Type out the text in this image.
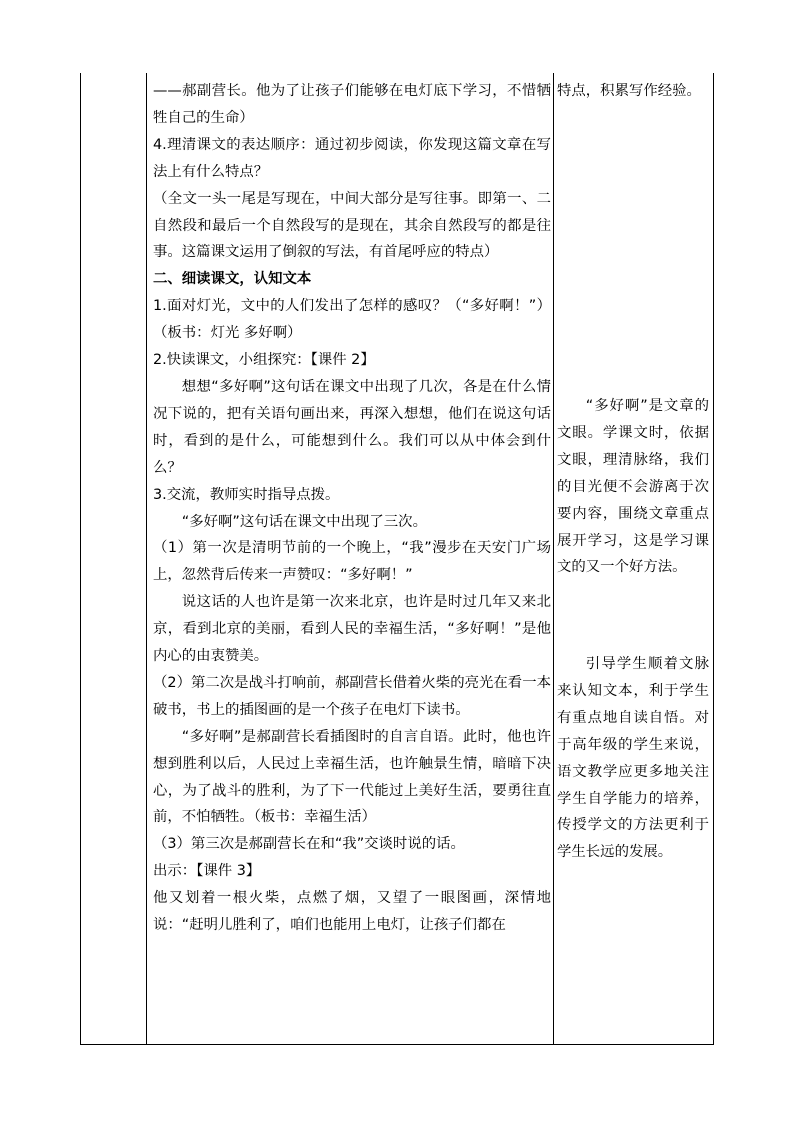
——郝副营长。他为了让孩子们能够在电灯底下学习，不惜牺牲自己的生命）

4.理清课文的表达顺序：通过初步阅读，你发现这篇文章在写法上有什么特点？

（全文一头一尾是写现在，中间大部分是写往事。即第一、二自然段和最后一个自然段写的是现在，其余自然段写的都是往事。这篇课文运用了倒叙的写法，有首尾呼应的特点）

二、细读课文，认知文本

1.面对灯光，文中的人们发出了怎样的感叹？（“多好啊！”）（板书：灯光 多好啊）

2.快读课文，小组探究：【课件 2】

想想“多好啊”这句话在课文中出现了几次，各是在什么情况下说的，把有关语句画出来，再深入想想，他们在说这句话时，看到的是什么，可能想到什么。我们可以从中体会到什么？

3.交流，教师实时指导点拨。

“多好啊”这句话在课文中出现了三次。

（1）第一次是清明节前的一个晚上，“我”漫步在天安门广场上，忽然背后传来一声赞叹：“多好啊！”

说这话的人也许是第一次来北京，也许是时过几年又来北京，看到北京的美丽，看到人民的幸福生活，“多好啊！”是他内心的由衷赞美。

（2）第二次是战斗打响前，郝副营长借着火柴的亮光在看一本破书，书上的插图画的是一个孩子在电灯下读书。

“多好啊”是郝副营长看插图时的自言自语。此时，他也许想到胜利以后，人民过上幸福生活，也许触景生情，暗暗下决心，为了战斗的胜利，为了下一代能过上美好生活，要勇往直前，不怕牺牲。（板书：幸福生活）

（3）第三次是郝副营长在和“我”交谈时说的话。

出示：【课件 3】

他又划着一根火柴，点燃了烟，又望了一眼图画，深情地说：“赶明儿胜利了，咱们也能用上电灯，让孩子们都在

特点，积累写作经验。

“多好啊”是文章的文眼。学课文时，依据文眼，理清脉络，我们的目光便不会游离于次要内容，围绕文章重点展开学习，这是学习课文的又一个好方法。

引导学生顺着文脉来认知文本，利于学生有重点地自读自悟。对于高年级的学生来说，语文教学应更多地关注学生自学能力的培养，传授学文的方法更利于学生长远的发展。
